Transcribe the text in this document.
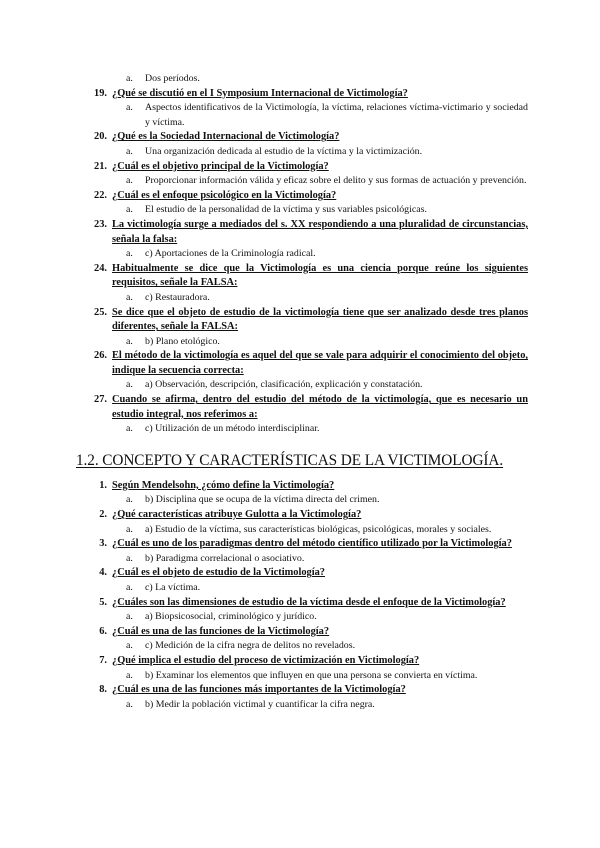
a.	Dos períodos.
19. ¿Qué se discutió en el I Symposium Internacional de Victimología?
a.	Aspectos identificativos de la Victimología, la víctima, relaciones víctima-victimario y sociedad y víctima.
20. ¿Qué es la Sociedad Internacional de Victimología?
a.	Una organización dedicada al estudio de la víctima y la victimización.
21. ¿Cuál es el objetivo principal de la Victimología?
a.	Proporcionar información válida y eficaz sobre el delito y sus formas de actuación y prevención.
22. ¿Cuál es el enfoque psicológico en la Victimología?
a.	El estudio de la personalidad de la víctima y sus variables psicológicas.
23. La victimología surge a mediados del s. XX respondiendo a una pluralidad de circunstancias, señala la falsa:
a.	c) Aportaciones de la Criminología radical.
24. Habitualmente se dice que la Victimología es una ciencia porque reúne los siguientes requisitos, señale la FALSA:
a.	c) Restauradora.
25. Se dice que el objeto de estudio de la victimología tiene que ser analizado desde tres planos diferentes, señale la FALSA:
a.	b) Plano etológico.
26. El método de la victimología es aquel del que se vale para adquirir el conocimiento del objeto, indique la secuencia correcta:
a.	a) Observación, descripción, clasificación, explicación y constatación.
27. Cuando se afirma, dentro del estudio del método de la victimología, que es necesario un estudio integral, nos referimos a:
a.	c) Utilización de un método interdisciplinar.
1.2. CONCEPTO Y CARACTERÍSTICAS DE LA VICTIMOLOGÍA.
1. Según Mendelsohn, ¿cómo define la Victimología?
a.	b) Disciplina que se ocupa de la víctima directa del crimen.
2. ¿Qué características atribuye Gulotta a la Victimología?
a.	a) Estudio de la víctima, sus características biológicas, psicológicas, morales y sociales.
3. ¿Cuál es uno de los paradigmas dentro del método científico utilizado por la Victimología?
a.	b) Paradigma correlacional o asociativo.
4. ¿Cuál es el objeto de estudio de la Victimología?
a.	c) La víctima.
5. ¿Cuáles son las dimensiones de estudio de la víctima desde el enfoque de la Victimología?
a.	a) Biopsicosocial, criminológico y jurídico.
6. ¿Cuál es una de las funciones de la Victimología?
a.	c) Medición de la cifra negra de delitos no revelados.
7. ¿Qué implica el estudio del proceso de victimización en Victimología?
a.	b) Examinar los elementos que influyen en que una persona se convierta en víctima.
8. ¿Cuál es una de las funciones más importantes de la Victimología?
a.	b) Medir la población victimal y cuantificar la cifra negra.
